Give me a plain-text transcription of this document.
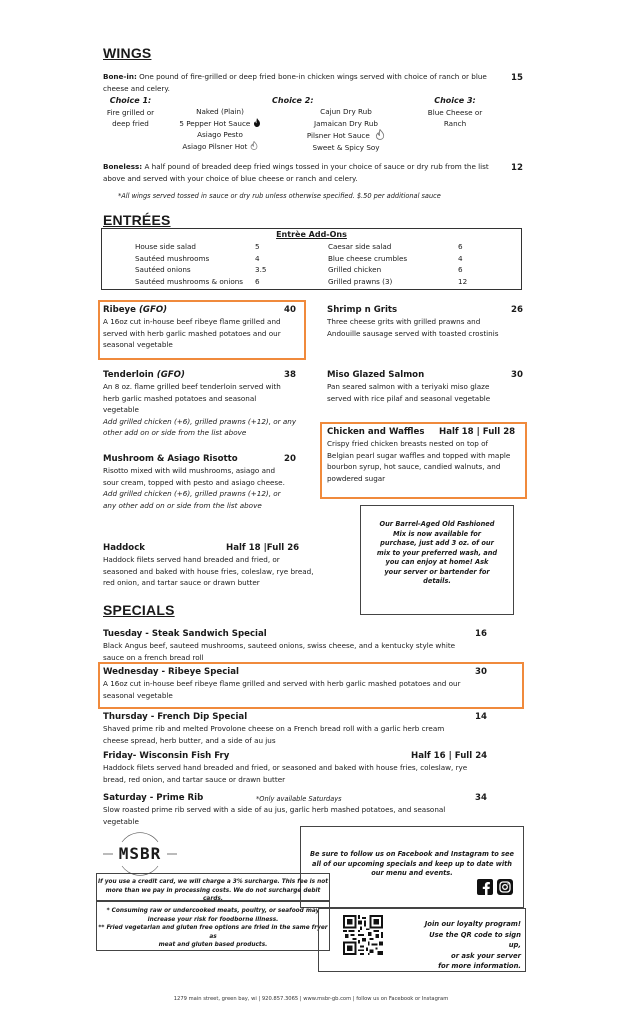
WINGS
Bone-in: One pound of fire-grilled or deep fried bone-in chicken wings served with choice of ranch or blue
cheese and celery.
15
Choice 1:
Fire grilled or
deep fried
Choice 2:
Naked (Plain)
5 Pepper Hot Sauce
Asiago Pesto
Asiago Pilsner Hot
Cajun Dry Rub
Jamaican Dry Rub
Pilsner Hot Sauce
Sweet & Spicy Soy
Choice 3:
Blue Cheese or
Ranch
Boneless: A half pound of breaded deep fried wings tossed in your choice of sauce or dry rub from the list
above and served with your choice of blue cheese or ranch and celery.
12
*All wings served tossed in sauce or dry rub unless otherwise specified. $.50 per additional sauce
ENTRÉES
Entrèe Add-Ons
House side salad	5
Sautéed mushrooms	4
Sautéed onions	3.5
Sautéed mushrooms & onions 6
Caesar side salad	6
Blue cheese crumbles	4
Grilled chicken	6
Grilled prawns (3)	12
Ribeye (GFO)	40
A 16oz cut in-house beef ribeye flame grilled and
served with herb garlic mashed potatoes and our
seasonal vegetable
Shrimp n Grits	26
Three cheese grits with grilled prawns and
Andouille sausage served with toasted crostinis
Tenderloin (GFO)	38
An 8 oz. flame grilled beef tenderloin served with
herb garlic mashed potatoes and seasonal
vegetable
Add grilled chicken (+6), grilled prawns (+12), or any
other add on or side from the list above
Miso Glazed Salmon	30
Pan seared salmon with a teriyaki miso glaze
served with rice pilaf and seasonal vegetable
Chicken and Waffles Half 18 | Full 28
Crispy fried chicken breasts nested on top of
Belgian pearl sugar waffles and topped with maple
bourbon syrup, hot sauce, candied walnuts, and
powdered sugar
Mushroom & Asiago Risotto	20
Risotto mixed with wild mushrooms, asiago and
sour cream, topped with pesto and asiago cheese.
Add grilled chicken (+6), grilled prawns (+12), or
any other add on or side from the list above
Our Barrel-Aged Old Fashioned
Mix is now available for
purchase, just add 3 oz. of our
mix to your preferred wash, and
you can enjoy at home! Ask
your server or bartender for
details.
Haddock	Half 18 |Full 26
Haddock filets served hand breaded and fried, or
seasoned and baked with house fries, coleslaw, rye bread,
red onion, and tartar sauce or drawn butter
SPECIALS
Tuesday - Steak Sandwich Special	16
Black Angus beef, sauteed mushrooms, sauteed onions, swiss cheese, and a kentucky style white
sauce on a french bread roll
Wednesday - Ribeye Special	30
A 16oz cut in-house beef ribeye flame grilled and served with herb garlic mashed potatoes and our
seasonal vegetable
Thursday - French Dip Special	14
Shaved prime rib and melted Provolone cheese on a French bread roll with a garlic herb cream
cheese spread, herb butter, and a side of au jus
Friday- Wisconsin Fish Fry	Half 16 | Full 24
Haddock filets served hand breaded and fried, or seasoned and baked with house fries, coleslaw, rye
bread, red onion, and tartar sauce or drawn butter
Saturday - Prime Rib	*Only available Saturdays	34
Slow roasted prime rib served with a side of au jus, garlic herb mashed potatoes, and seasonal
vegetable
MSBR	Be sure to follow us on Facebook and Instagram to see
all of our upcoming specials and keep up to date with
our menu and events.
If you use a credit card, we will charge a 3% surcharge. This fee is not
more than we pay in processing costs. We do not surcharge debit cards.
* Consuming raw or undercooked meats, poultry, or seafood may
increase your risk for foodborne illness.
** Fried vegetarian and gluten free options are fried in the same fryer as
meat and gluten based products.
Join our loyalty program!
Use the QR code to sign up,
or ask your server
for more information.
1279 main street, green bay, wi | 920.857.3065 | www.msbr-gb.com | follow us on Facebook or Instagram
